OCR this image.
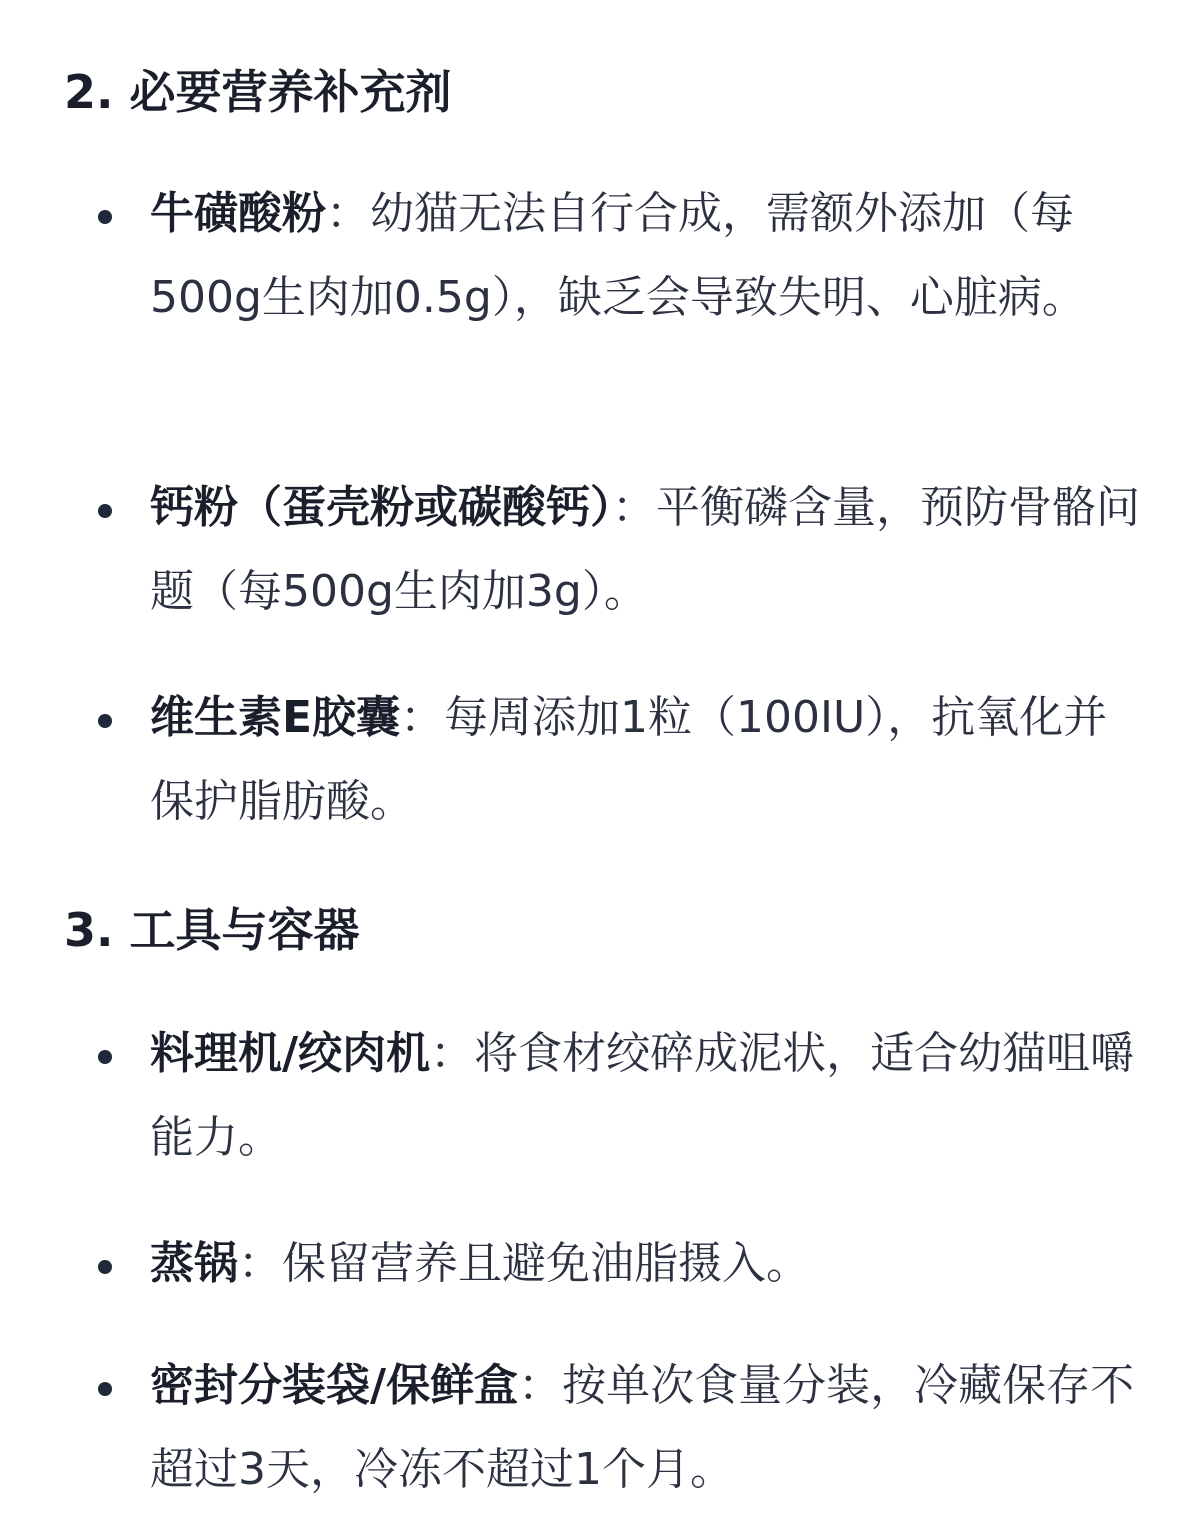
2. 必要营养补充剂

牛磺酸粉：幼猫无法自行合成，需额外添加（每500g生肉加0.5g），缺乏会导致失明、心脏病。

钙粉（蛋壳粉或碳酸钙）：平衡磷含量，预防骨骼问题（每500g生肉加3g）。

维生素E胶囊：每周添加1粒（100IU），抗氧化并保护脂肪酸。

3. 工具与容器

料理机/绞肉机：将食材绞碎成泥状，适合幼猫咀嚼能力。

蒸锅：保留营养且避免油脂摄入。

密封分装袋/保鲜盒：按单次食量分装，冷藏保存不超过3天，冷冻不超过1个月。
